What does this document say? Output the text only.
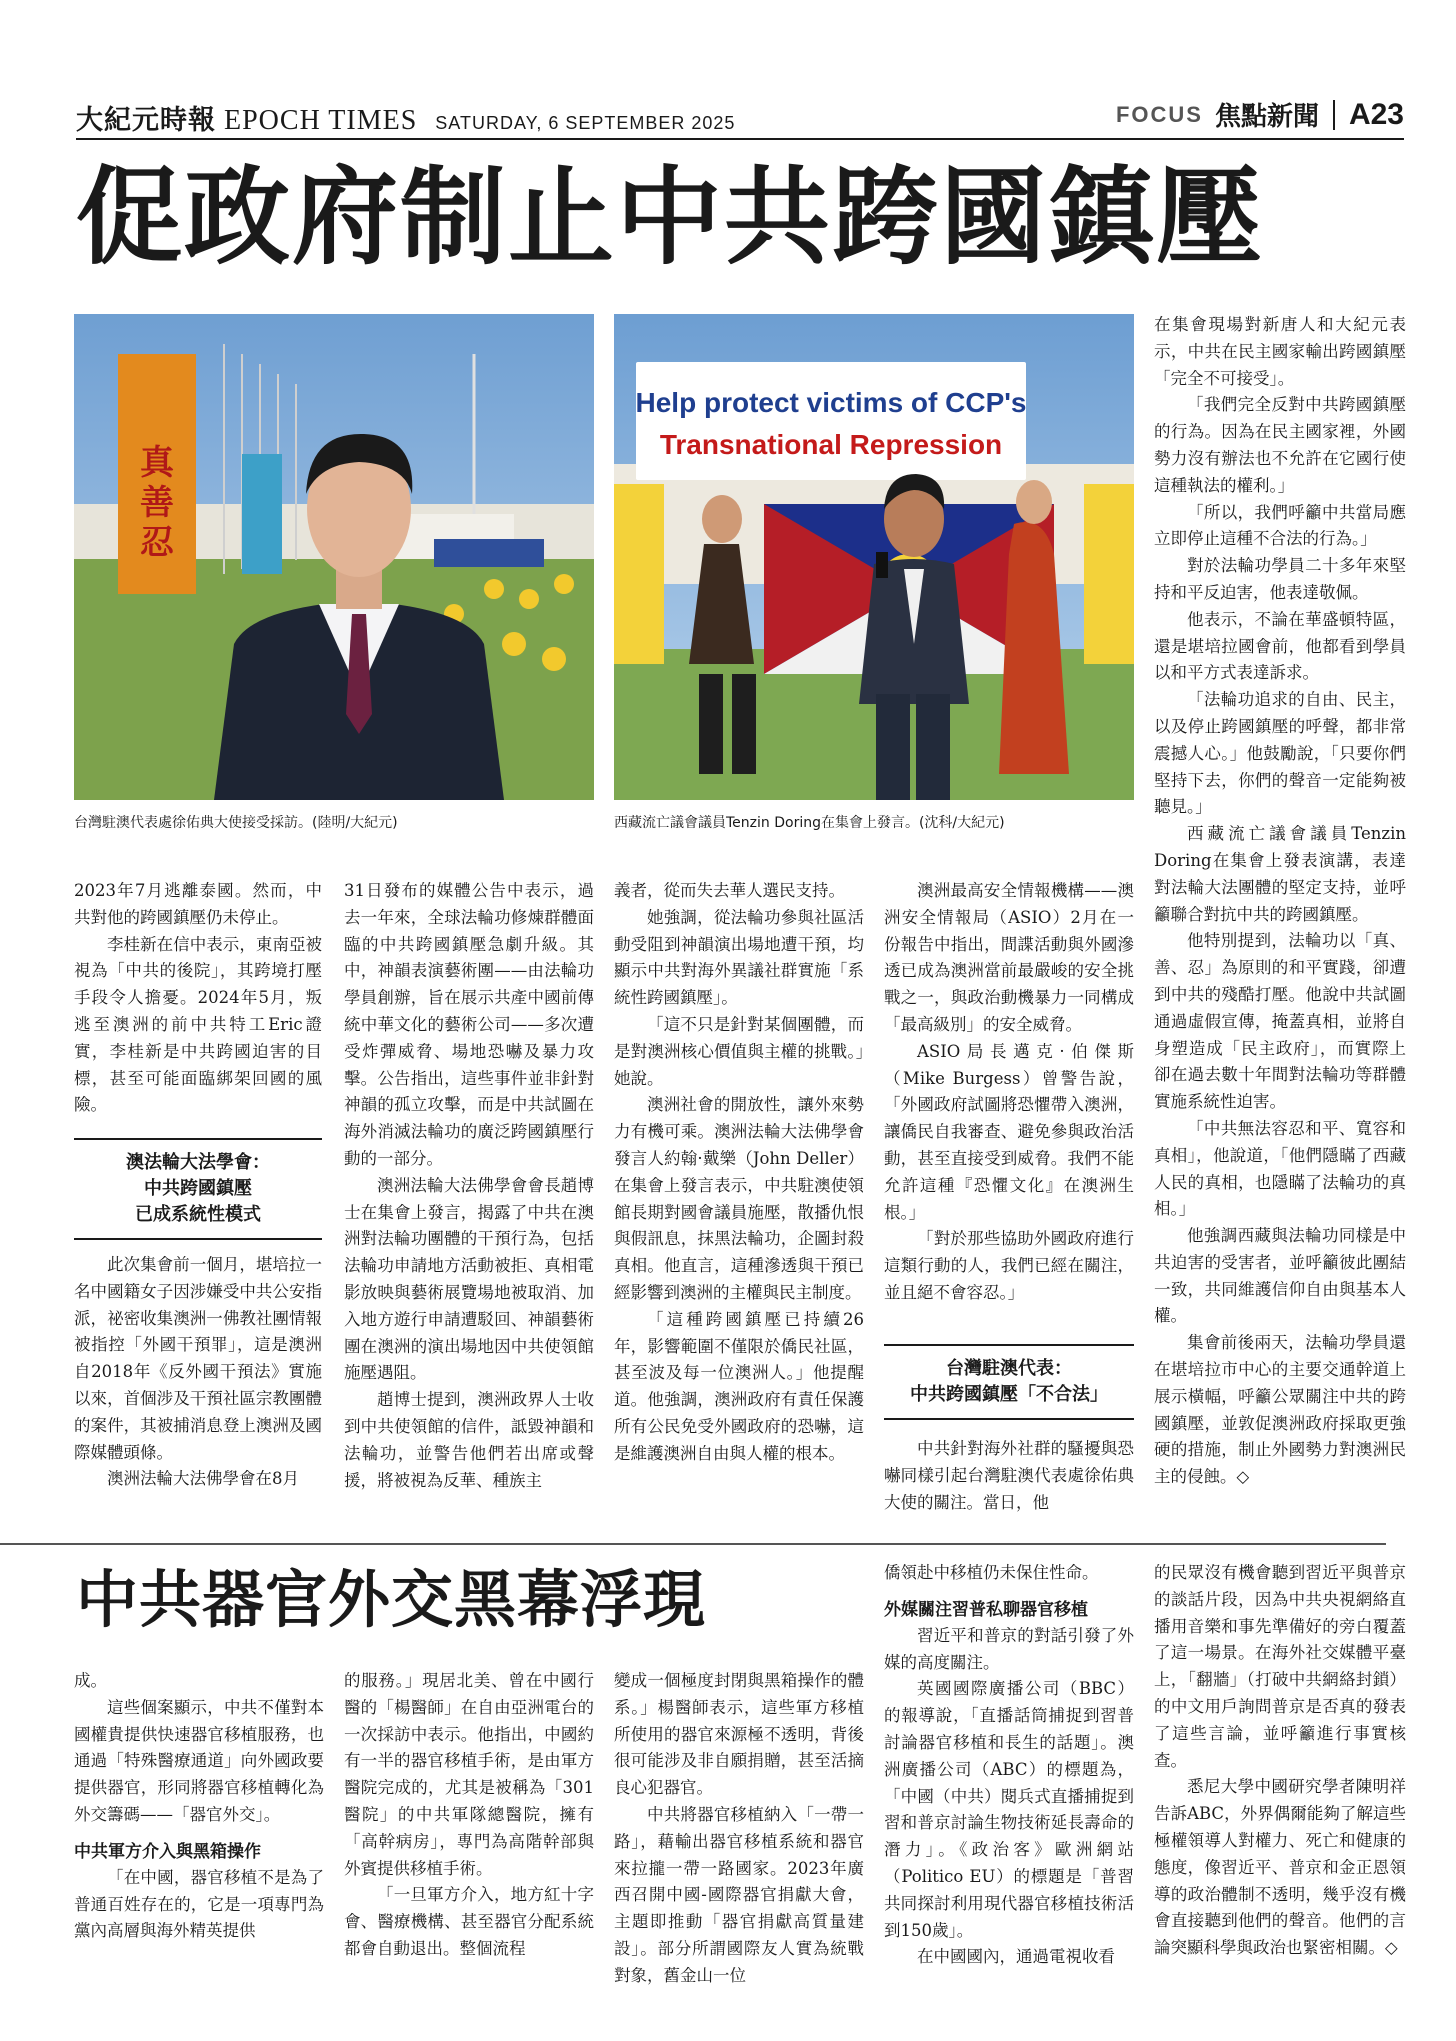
大紀元時報 EPOCH TIMES SATURDAY, 6 SEPTEMBER 2025	FOCUS 焦點新聞 A23
促政府制止中共跨國鎮壓
真
善
忍
台灣駐澳代表處徐佑典大使接受採訪。(陸明/大紀元)
Help protect victims of CCP's
Transnational Repression
西藏流亡議會議員Tenzin Doring在集會上發言。(沈科/大紀元)

2023年7月逃離泰國。然而，中共對他的跨國鎮壓仍未停止。

李桂新在信中表示，東南亞被視為「中共的後院」，其跨境打壓手段令人擔憂。2024年5月，叛逃至澳洲的前中共特工Eric證實，李桂新是中共跨國迫害的目標，甚至可能面臨綁架回國的風險。

澳法輪大法學會：
中共跨國鎮壓
已成系統性模式

此次集會前一個月，堪培拉一名中國籍女子因涉嫌受中共公安指派，祕密收集澳洲一佛教社團情報被指控「外國干預罪」，這是澳洲自2018年《反外國干預法》實施以來，首個涉及干預社區宗教團體的案件，其被捕消息登上澳洲及國際媒體頭條。

澳洲法輪大法佛學會在8月

31日發布的媒體公告中表示，過去一年來，全球法輪功修煉群體面臨的中共跨國鎮壓急劇升級。其中，神韻表演藝術團——由法輪功學員創辦，旨在展示共產中國前傳統中華文化的藝術公司——多次遭受炸彈威脅、場地恐嚇及暴力攻擊。公告指出，這些事件並非針對神韻的孤立攻擊，而是中共試圖在海外消滅法輪功的廣泛跨國鎮壓行動的一部分。

澳洲法輪大法佛學會會長趙博士在集會上發言，揭露了中共在澳洲對法輪功團體的干預行為，包括法輪功申請地方活動被拒、真相電影放映與藝術展覽場地被取消、加入地方遊行申請遭駁回、神韻藝術團在澳洲的演出場地因中共使領館施壓遇阻。

趙博士提到，澳洲政界人士收到中共使領館的信件，詆毀神韻和法輪功，並警告他們若出席或聲援，將被視為反華、種族主

義者，從而失去華人選民支持。

她強調，從法輪功參與社區活動受阻到神韻演出場地遭干預，均顯示中共對海外異議社群實施「系統性跨國鎮壓」。

「這不只是針對某個團體，而是對澳洲核心價值與主權的挑戰。」她說。

澳洲社會的開放性，讓外來勢力有機可乘。澳洲法輪大法佛學會發言人約翰·戴樂（John Deller）在集會上發言表示，中共駐澳使領館長期對國會議員施壓，散播仇恨與假訊息，抹黑法輪功，企圖封殺真相。他直言，這種滲透與干預已經影響到澳洲的主權與民主制度。

「這種跨國鎮壓已持續26年，影響範圍不僅限於僑民社區，甚至波及每一位澳洲人。」他提醒道。他強調，澳洲政府有責任保護所有公民免受外國政府的恐嚇，這是維護澳洲自由與人權的根本。

澳洲最高安全情報機構——澳洲安全情報局（ASIO）2月在一份報告中指出，間諜活動與外國滲透已成為澳洲當前最嚴峻的安全挑戰之一，與政治動機暴力一同構成「最高級別」的安全威脅。

ASIO局長邁克·伯傑斯（Mike Burgess）曾警告說，「外國政府試圖將恐懼帶入澳洲，讓僑民自我審查、避免參與政治活動，甚至直接受到威脅。我們不能允許這種『恐懼文化』在澳洲生根。」

「對於那些協助外國政府進行這類行動的人，我們已經在關注，並且絕不會容忍。」

台灣駐澳代表：
中共跨國鎮壓「不合法」

中共針對海外社群的騷擾與恐嚇同樣引起台灣駐澳代表處徐佑典大使的關注。當日，他

在集會現場對新唐人和大紀元表示，中共在民主國家輸出跨國鎮壓「完全不可接受」。

「我們完全反對中共跨國鎮壓的行為。因為在民主國家裡，外國勢力沒有辦法也不允許在它國行使這種執法的權利。」

「所以，我們呼籲中共當局應立即停止這種不合法的行為。」

對於法輪功學員二十多年來堅持和平反迫害，他表達敬佩。

他表示，不論在華盛頓特區，還是堪培拉國會前，他都看到學員以和平方式表達訴求。

「法輪功追求的自由、民主，以及停止跨國鎮壓的呼聲，都非常震撼人心。」他鼓勵說，「只要你們堅持下去，你們的聲音一定能夠被聽見。」

西藏流亡議會議員Tenzin Doring在集會上發表演講，表達對法輪大法團體的堅定支持，並呼籲聯合對抗中共的跨國鎮壓。

他特別提到，法輪功以「真、善、忍」為原則的和平實踐，卻遭到中共的殘酷打壓。他說中共試圖通過虛假宣傳，掩蓋真相，並將自身塑造成「民主政府」，而實際上卻在過去數十年間對法輪功等群體實施系統性迫害。

「中共無法容忍和平、寬容和真相」，他說道，「他們隱瞞了西藏人民的真相，也隱瞞了法輪功的真相。」

他強調西藏與法輪功同樣是中共迫害的受害者，並呼籲彼此團結一致，共同維護信仰自由與基本人權。

集會前後兩天，法輪功學員還在堪培拉市中心的主要交通幹道上展示橫幅，呼籲公眾關注中共的跨國鎮壓，並敦促澳洲政府採取更強硬的措施，制止外國勢力對澳洲民主的侵蝕。◇

中共器官外交黑幕浮現

成。

這些個案顯示，中共不僅對本國權貴提供快速器官移植服務，也通過「特殊醫療通道」向外國政要提供器官，形同將器官移植轉化為外交籌碼——「器官外交」。

中共軍方介入與黑箱操作

「在中國，器官移植不是為了普通百姓存在的，它是一項專門為黨內高層與海外精英提供

的服務。」現居北美、曾在中國行醫的「楊醫師」在自由亞洲電台的一次採訪中表示。他指出，中國約有一半的器官移植手術，是由軍方醫院完成的，尤其是被稱為「301醫院」的中共軍隊總醫院，擁有「高幹病房」，專門為高階幹部與外賓提供移植手術。

「一旦軍方介入，地方紅十字會、醫療機構、甚至器官分配系統都會自動退出。整個流程

變成一個極度封閉與黑箱操作的體系。」楊醫師表示，這些軍方移植所使用的器官來源極不透明，背後很可能涉及非自願捐贈，甚至活摘良心犯器官。

中共將器官移植納入「一帶一路」，藉輸出器官移植系統和器官來拉攏一帶一路國家。2023年廣西召開中國-國際器官捐獻大會，主題即推動「器官捐獻高質量建設」。部分所謂國際友人實為統戰對象，舊金山一位

僑領赴中移植仍未保住性命。

外媒關注習普私聊器官移植

習近平和普京的對話引發了外媒的高度關注。

英國國際廣播公司（BBC）的報導說，「直播話筒捕捉到習普討論器官移植和長生的話題」。澳洲廣播公司（ABC）的標題為，「中國（中共）閱兵式直播捕捉到習和普京討論生物技術延長壽命的潛力」。《政治客》歐洲網站（Politico EU）的標題是「普習共同探討利用現代器官移植技術活到150歲」。

在中國國內，通過電視收看

的民眾沒有機會聽到習近平與普京的談話片段，因為中共央視網絡直播用音樂和事先準備好的旁白覆蓋了這一場景。在海外社交媒體平臺上，「翻牆」（打破中共網絡封鎖）的中文用戶詢問普京是否真的發表了這些言論，並呼籲進行事實核查。

悉尼大學中國研究學者陳明祥告訴ABC，外界偶爾能夠了解這些極權領導人對權力、死亡和健康的態度，像習近平、普京和金正恩領導的政治體制不透明，幾乎沒有機會直接聽到他們的聲音。他們的言論突顯科學與政治也緊密相關。◇
